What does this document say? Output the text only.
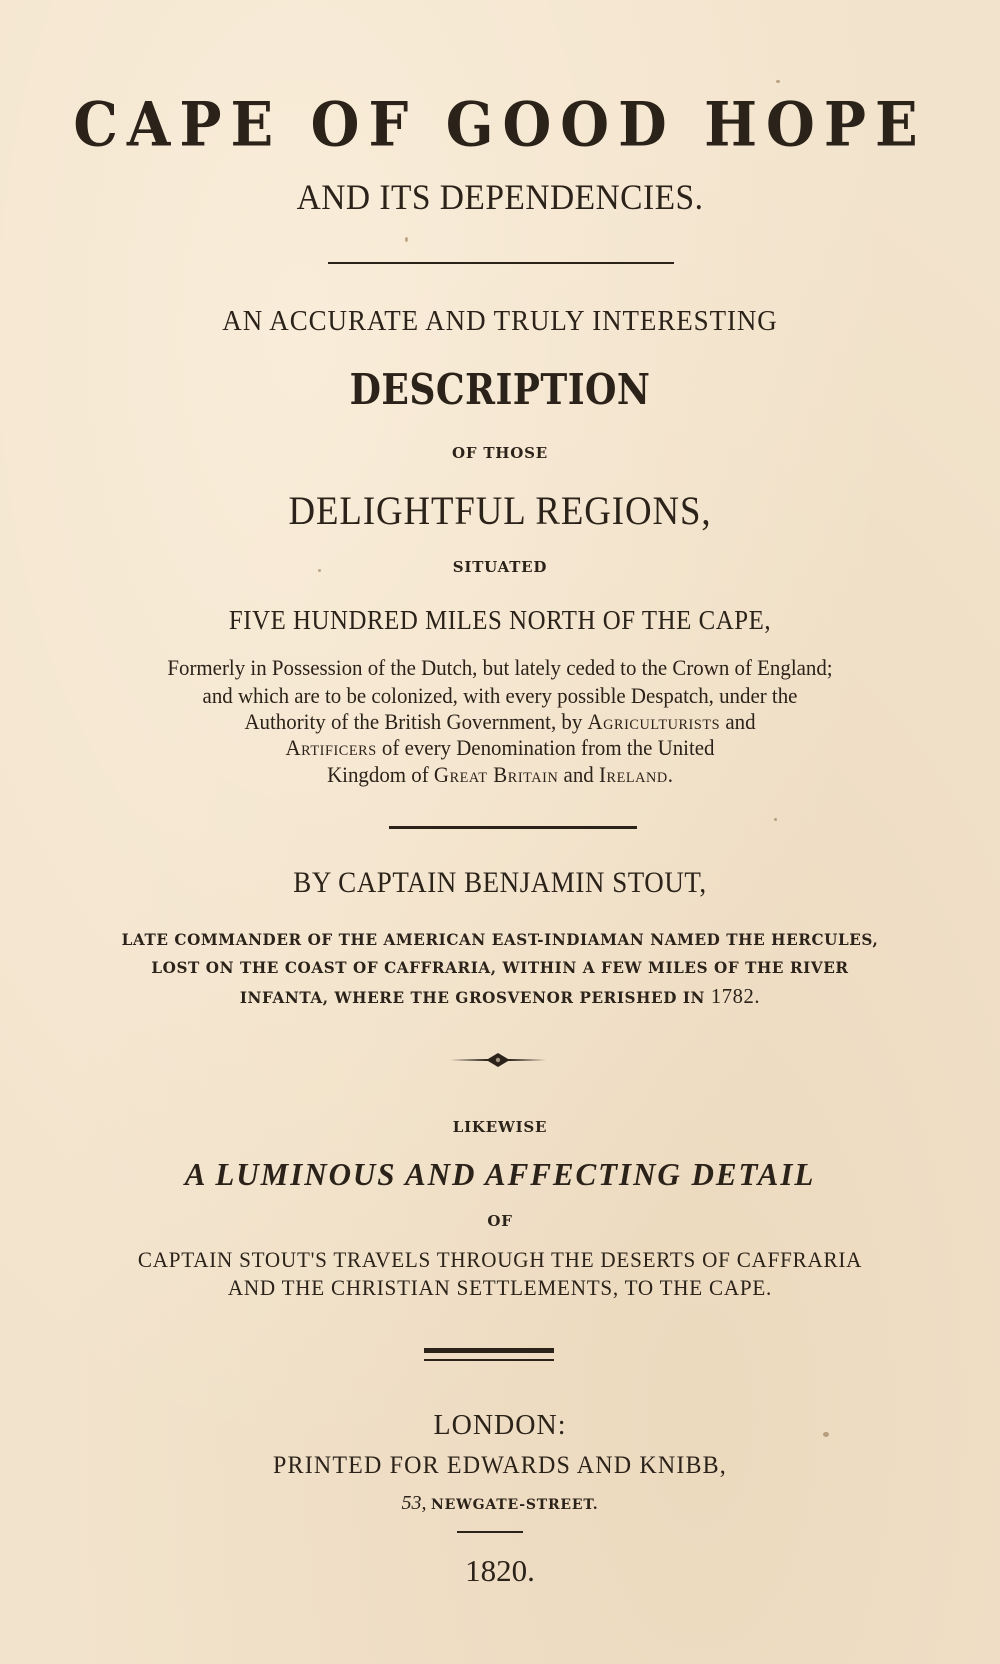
CAPE OF GOOD HOPE
AND ITS DEPENDENCIES.
AN ACCURATE AND TRULY INTERESTING
DESCRIPTION
OF THOSE
DELIGHTFUL REGIONS,
SITUATED
FIVE HUNDRED MILES NORTH OF THE CAPE,
Formerly in Possession of the Dutch, but lately ceded to the Crown of England;
and which are to be colonized, with every possible Despatch, under the
Authority of the British Government, by Agriculturists and
Artificers of every Denomination from the United
Kingdom of Great Britain and Ireland.
BY CAPTAIN BENJAMIN STOUT,
LATE COMMANDER OF THE AMERICAN EAST-INDIAMAN NAMED THE HERCULES,
LOST ON THE COAST OF CAFFRARIA, WITHIN A FEW MILES OF THE RIVER
INFANTA, WHERE THE GROSVENOR PERISHED IN 1782.
LIKEWISE
A LUMINOUS AND AFFECTING DETAIL
OF
CAPTAIN STOUT'S TRAVELS THROUGH THE DESERTS OF CAFFRARIA
AND THE CHRISTIAN SETTLEMENTS, TO THE CAPE.
LONDON:
PRINTED FOR EDWARDS AND KNIBB,
53, NEWGATE-STREET.
1820.
